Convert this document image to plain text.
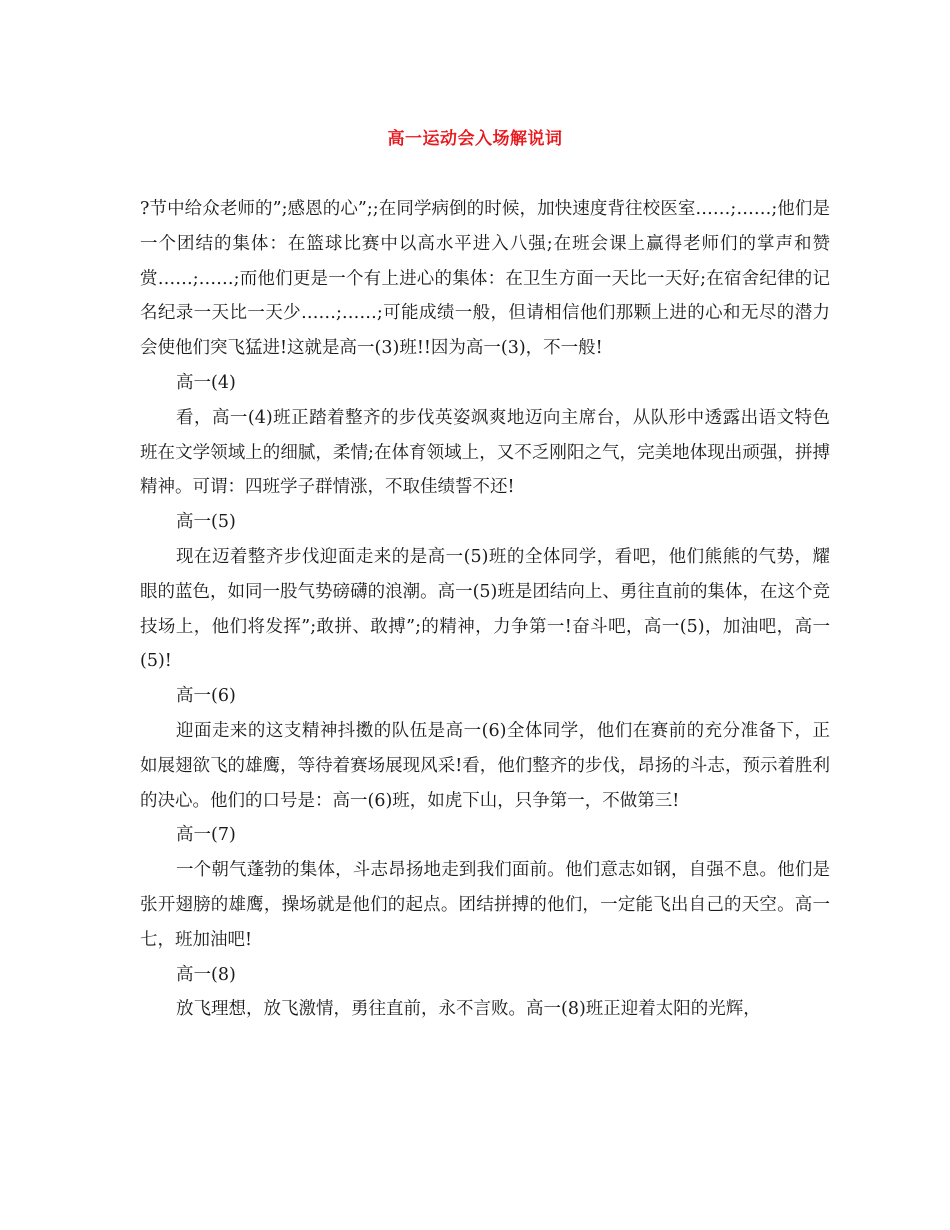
高一运动会入场解说词

?节中给众老师的”;感恩的心”;;在同学病倒的时候，加快速度背往校医室……;……;他们是一个团结的集体：在篮球比赛中以高水平进入八强;在班会课上赢得老师们的掌声和赞赏……;……;而他们更是一个有上进心的集体：在卫生方面一天比一天好;在宿舍纪律的记名纪录一天比一天少……;……;可能成绩一般，但请相信他们那颗上进的心和无尽的潜力会使他们突飞猛进!这就是高一(3)班!!因为高一(3)，不一般!

高一(4)

看，高一(4)班正踏着整齐的步伐英姿飒爽地迈向主席台，从队形中透露出语文特色班在文学领域上的细腻，柔情;在体育领域上，又不乏刚阳之气，完美地体现出顽强，拼搏精神。可谓：四班学子群情涨，不取佳绩誓不还!

高一(5)

现在迈着整齐步伐迎面走来的是高一(5)班的全体同学，看吧，他们熊熊的气势，耀眼的蓝色，如同一股气势磅礴的浪潮。高一(5)班是团结向上、勇往直前的集体，在这个竞技场上，他们将发挥”;敢拼、敢搏”;的精神，力争第一!奋斗吧，高一(5)，加油吧，高一(5)!

高一(6)

迎面走来的这支精神抖擞的队伍是高一(6)全体同学，他们在赛前的充分准备下，正如展翅欲飞的雄鹰，等待着赛场展现风采!看，他们整齐的步伐，昂扬的斗志，预示着胜利的决心。他们的口号是：高一(6)班，如虎下山，只争第一，不做第三!

高一(7)

一个朝气蓬勃的集体，斗志昂扬地走到我们面前。他们意志如钢，自强不息。他们是张开翅膀的雄鹰，操场就是他们的起点。团结拼搏的他们，一定能飞出自己的天空。高一七，班加油吧!

高一(8)

放飞理想，放飞激情，勇往直前，永不言败。高一(8)班正迎着太阳的光辉，
